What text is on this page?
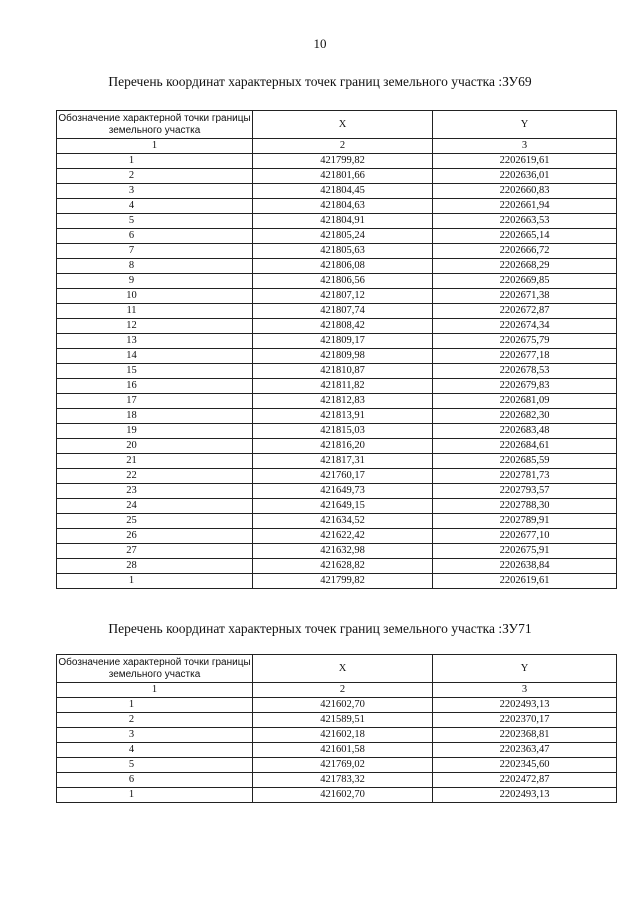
10
Перечень координат характерных точек границ земельного участка :ЗУ69
Обозначение характерной точки границы земельного участка	X	Y
1	2	3
1	421799,82	2202619,61
2	421801,66	2202636,01
3	421804,45	2202660,83
4	421804,63	2202661,94
5	421804,91	2202663,53
6	421805,24	2202665,14
7	421805,63	2202666,72
8	421806,08	2202668,29
9	421806,56	2202669,85
10	421807,12	2202671,38
11	421807,74	2202672,87
12	421808,42	2202674,34
13	421809,17	2202675,79
14	421809,98	2202677,18
15	421810,87	2202678,53
16	421811,82	2202679,83
17	421812,83	2202681,09
18	421813,91	2202682,30
19	421815,03	2202683,48
20	421816,20	2202684,61
21	421817,31	2202685,59
22	421760,17	2202781,73
23	421649,73	2202793,57
24	421649,15	2202788,30
25	421634,52	2202789,91
26	421622,42	2202677,10
27	421632,98	2202675,91
28	421628,82	2202638,84
1	421799,82	2202619,61
Перечень координат характерных точек границ земельного участка :ЗУ71
Обозначение характерной точки границы земельного участка	X	Y
1	2	3
1	421602,70	2202493,13
2	421589,51	2202370,17
3	421602,18	2202368,81
4	421601,58	2202363,47
5	421769,02	2202345,60
6	421783,32	2202472,87
1	421602,70	2202493,13
